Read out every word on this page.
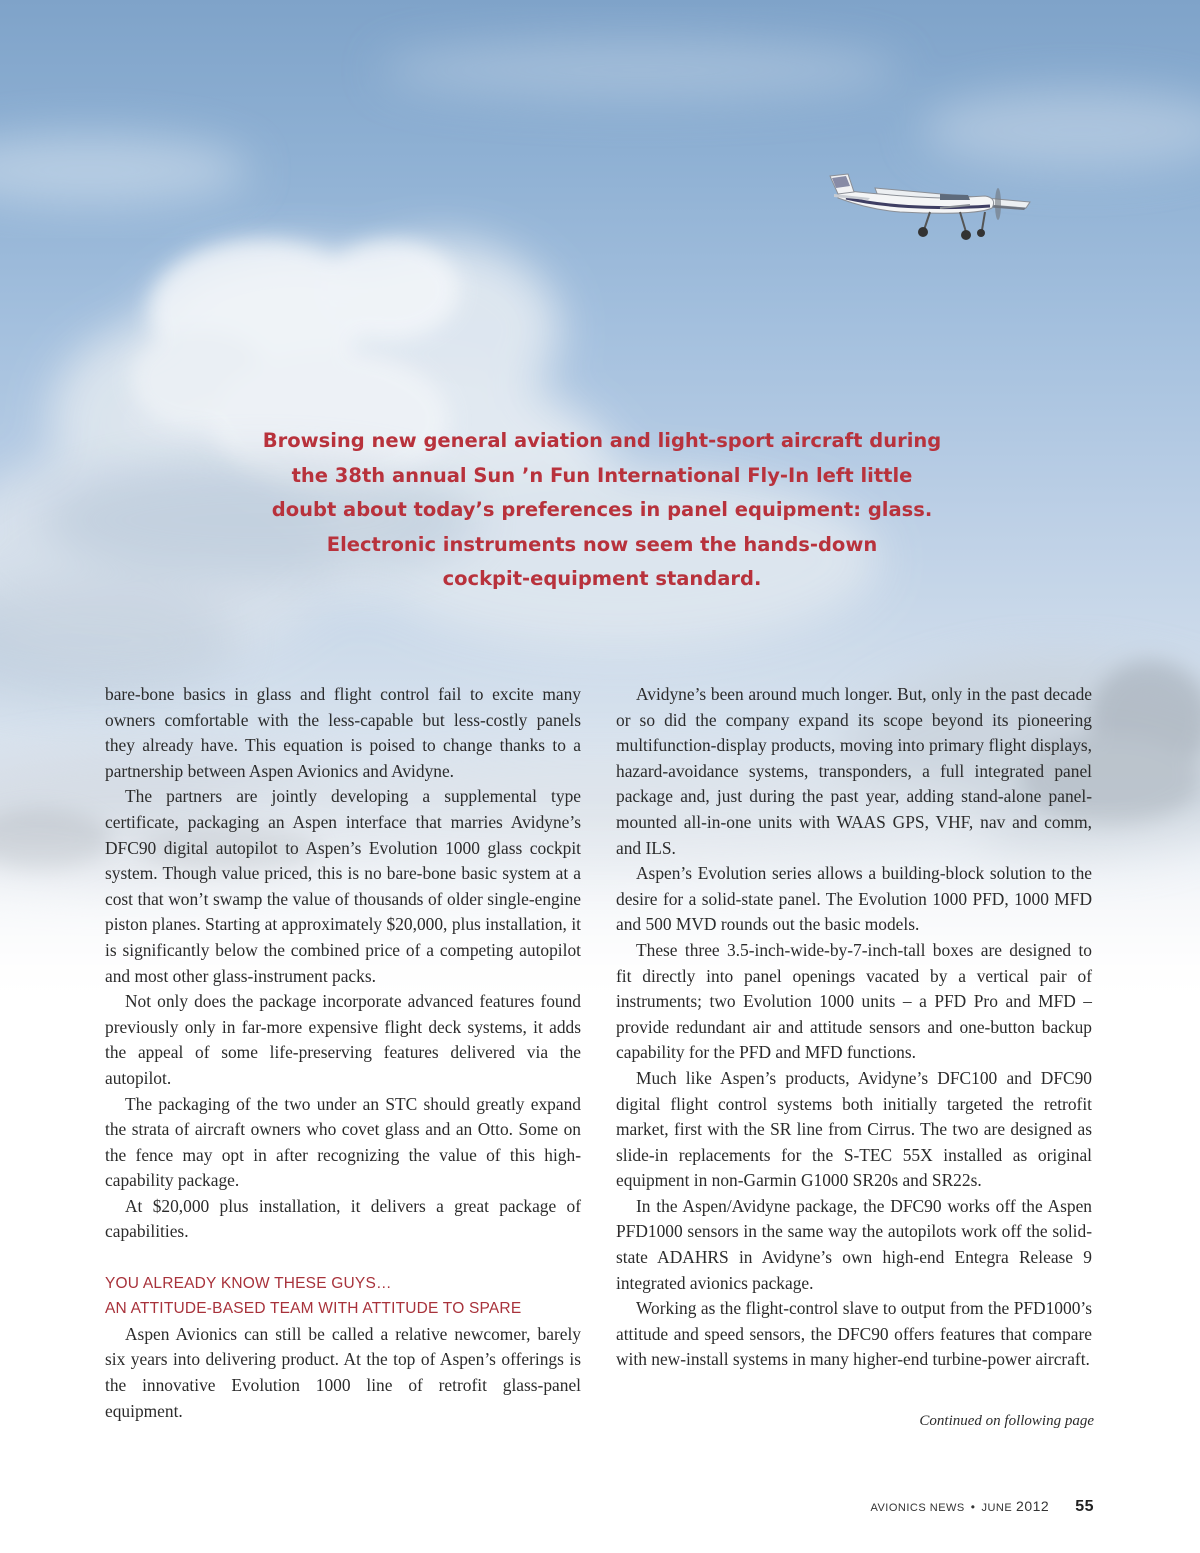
Browsing new general aviation and light-sport aircraft during
the 38th annual Sun ’n Fun International Fly-In left little
doubt about today’s preferences in panel equipment: glass.
Electronic instruments now seem the hands-down
cockpit-equipment standard.

bare-bone basics in glass and flight control fail to excite many owners comfortable with the less-capable but less-costly panels they already have. This equation is poised to change thanks to a partnership between Aspen Avionics and Avidyne.

The partners are jointly developing a supplemental type certificate, packaging an Aspen interface that marries Avidyne’s DFC90 digital autopilot to Aspen’s Evolution 1000 glass cockpit system. Though value priced, this is no bare-bone basic system at a cost that won’t swamp the value of thousands of older single-engine piston planes. Starting at approximately $20,000, plus installation, it is significantly below the combined price of a competing autopilot and most other glass-instrument packs.

Not only does the package incorporate advanced features found previously only in far-more expensive flight deck systems, it adds the appeal of some life-preserving features delivered via the autopilot.

The packaging of the two under an STC should greatly expand the strata of aircraft owners who covet glass and an Otto. Some on the fence may opt in after recognizing the value of this high-capability package.

At $20,000 plus installation, it delivers a great package of capabilities.

YOU ALREADY KNOW THESE GUYS…
AN ATTITUDE-BASED TEAM WITH ATTITUDE TO SPARE

Aspen Avionics can still be called a relative newcomer, barely six years into delivering product. At the top of Aspen’s offerings is the innovative Evolution 1000 line of retrofit glass-panel equipment.

Avidyne’s been around much longer. But, only in the past decade or so did the company expand its scope beyond its pioneering multifunction-display products, moving into primary flight displays, hazard-avoidance systems, transponders, a full integrated panel package and, just during the past year, adding stand-alone panel-mounted all-in-one units with WAAS GPS, VHF, nav and comm, and ILS.

Aspen’s Evolution series allows a building-block solution to the desire for a solid-state panel. The Evolution 1000 PFD, 1000 MFD and 500 MVD rounds out the basic models.

These three 3.5-inch-wide-by-7-inch-tall boxes are designed to fit directly into panel openings vacated by a vertical pair of instruments; two Evolution 1000 units – a PFD Pro and MFD – provide redundant air and attitude sensors and one-button backup capability for the PFD and MFD functions.

Much like Aspen’s products, Avidyne’s DFC100 and DFC90 digital flight control systems both initially targeted the retrofit market, first with the SR line from Cirrus. The two are designed as slide-in replacements for the S-TEC 55X installed as original equipment in non-Garmin G1000 SR20s and SR22s.

In the Aspen/Avidyne package, the DFC90 works off the Aspen PFD1000 sensors in the same way the autopilots work off the solid-state ADAHRS in Avidyne’s own high-end Entegra Release 9 integrated avionics package.

Working as the flight-control slave to output from the PFD1000’s attitude and speed sensors, the DFC90 offers features that compare with new-install systems in many higher-end turbine-power aircraft.

Continued on following page
AVIONICS NEWS • JUNE 2012 55
